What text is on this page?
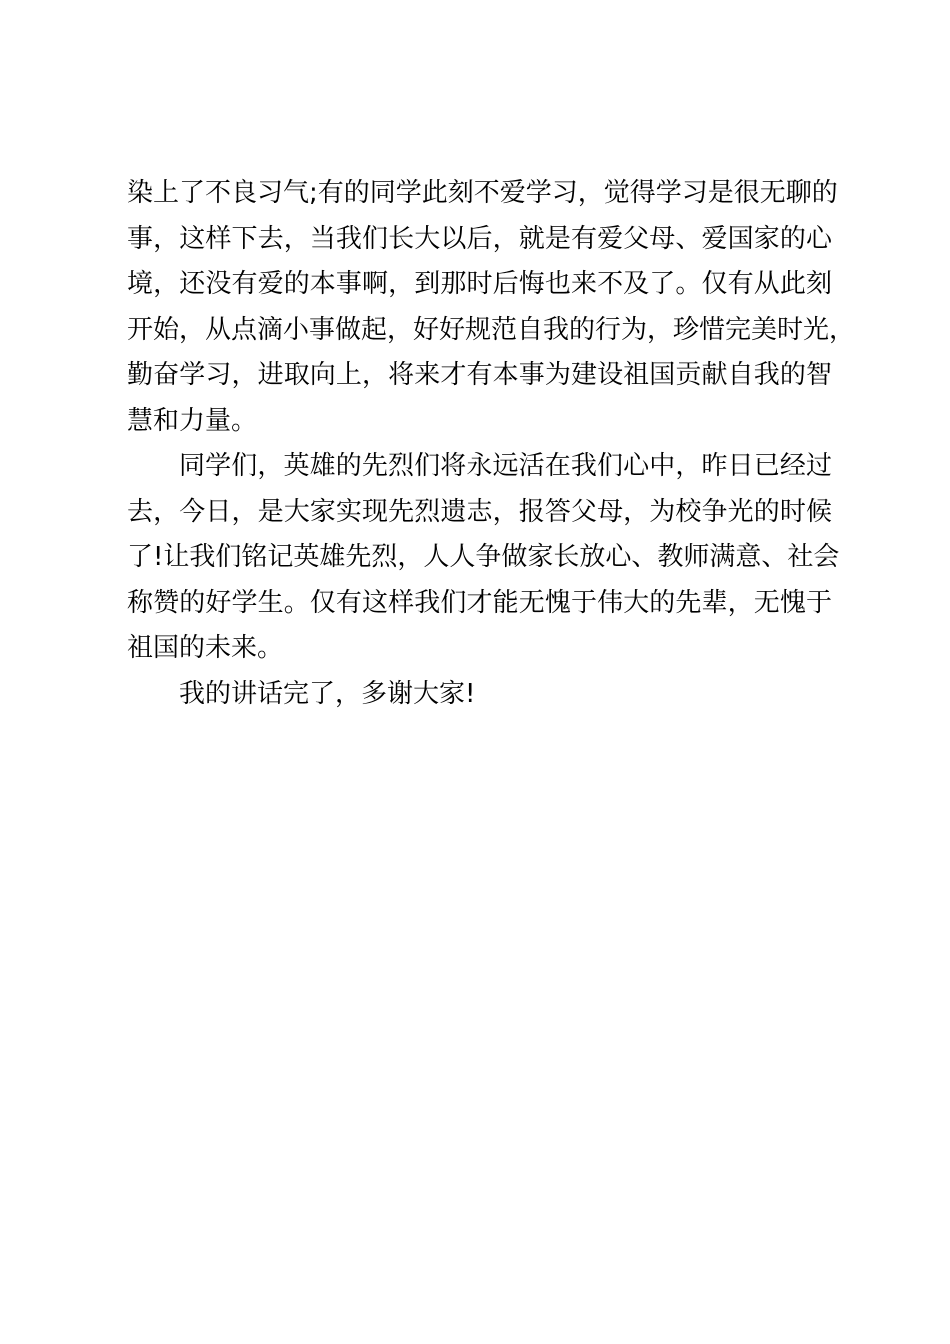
染上了不良习气;有的同学此刻不爱学习，觉得学习是很无聊的
事，这样下去，当我们长大以后，就是有爱父母、爱国家的心
境，还没有爱的本事啊，到那时后悔也来不及了。仅有从此刻
开始，从点滴小事做起，好好规范自我的行为，珍惜完美时光，
勤奋学习，进取向上，将来才有本事为建设祖国贡献自我的智
慧和力量。

同学们，英雄的先烈们将永远活在我们心中，昨日已经过
去，今日，是大家实现先烈遗志，报答父母，为校争光的时候
了!让我们铭记英雄先烈，人人争做家长放心、教师满意、社会
称赞的好学生。仅有这样我们才能无愧于伟大的先辈，无愧于
祖国的未来。

我的讲话完了，多谢大家!
